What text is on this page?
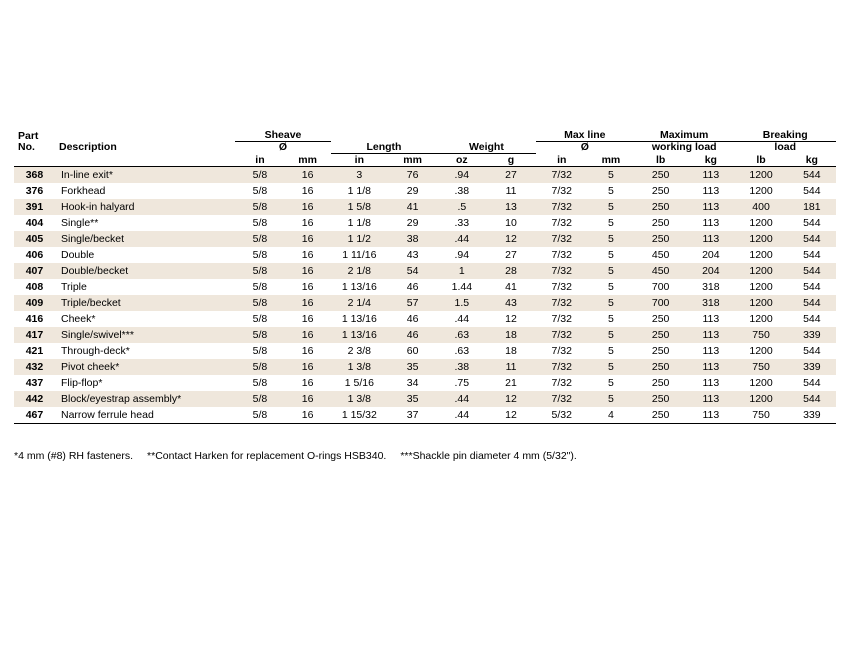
Part		Sheave						Max line		Maximum		Breaking	

No.	Description	Ø		Length		Weight		Ø		working load		load	
		in	mm	in	mm	oz	g	in	mm	lb	kg	lb	kg
368	In-line exit*	5/8	16	3	76	.94	27	7/32	5	250	113	1200	544
376	Forkhead	5/8	16	1 1/8	29	.38	11	7/32	5	250	113	1200	544
391	Hook-in halyard	5/8	16	1 5/8	41	.5	13	7/32	5	250	113	400	181
404	Single**	5/8	16	1 1/8	29	.33	10	7/32	5	250	113	1200	544
405	Single/becket	5/8	16	1 1/2	38	.44	12	7/32	5	250	113	1200	544
406	Double	5/8	16	1 11/16	43	.94	27	7/32	5	450	204	1200	544
407	Double/becket	5/8	16	2 1/8	54	1	28	7/32	5	450	204	1200	544
408	Triple	5/8	16	1 13/16	46	1.44	41	7/32	5	700	318	1200	544
409	Triple/becket	5/8	16	2 1/4	57	1.5	43	7/32	5	700	318	1200	544
416	Cheek*	5/8	16	1 13/16	46	.44	12	7/32	5	250	113	1200	544
417	Single/swivel***	5/8	16	1 13/16	46	.63	18	7/32	5	250	113	750	339
421	Through-deck*	5/8	16	2 3/8	60	.63	18	7/32	5	250	113	1200	544
432	Pivot cheek*	5/8	16	1 3/8	35	.38	11	7/32	5	250	113	750	339
437	Flip-flop*	5/8	16	1 5/16	34	.75	21	7/32	5	250	113	1200	544
442	Block/eyestrap assembly*	5/8	16	1 3/8	35	.44	12	7/32	5	250	113	1200	544
467	Narrow ferrule head	5/8	16	1 15/32	37	.44	12	5/32	4	250	113	750	339
*4 mm (#8) RH fasteners. **Contact Harken for replacement O-rings HSB340. ***Shackle pin diameter 4 mm (5/32").
